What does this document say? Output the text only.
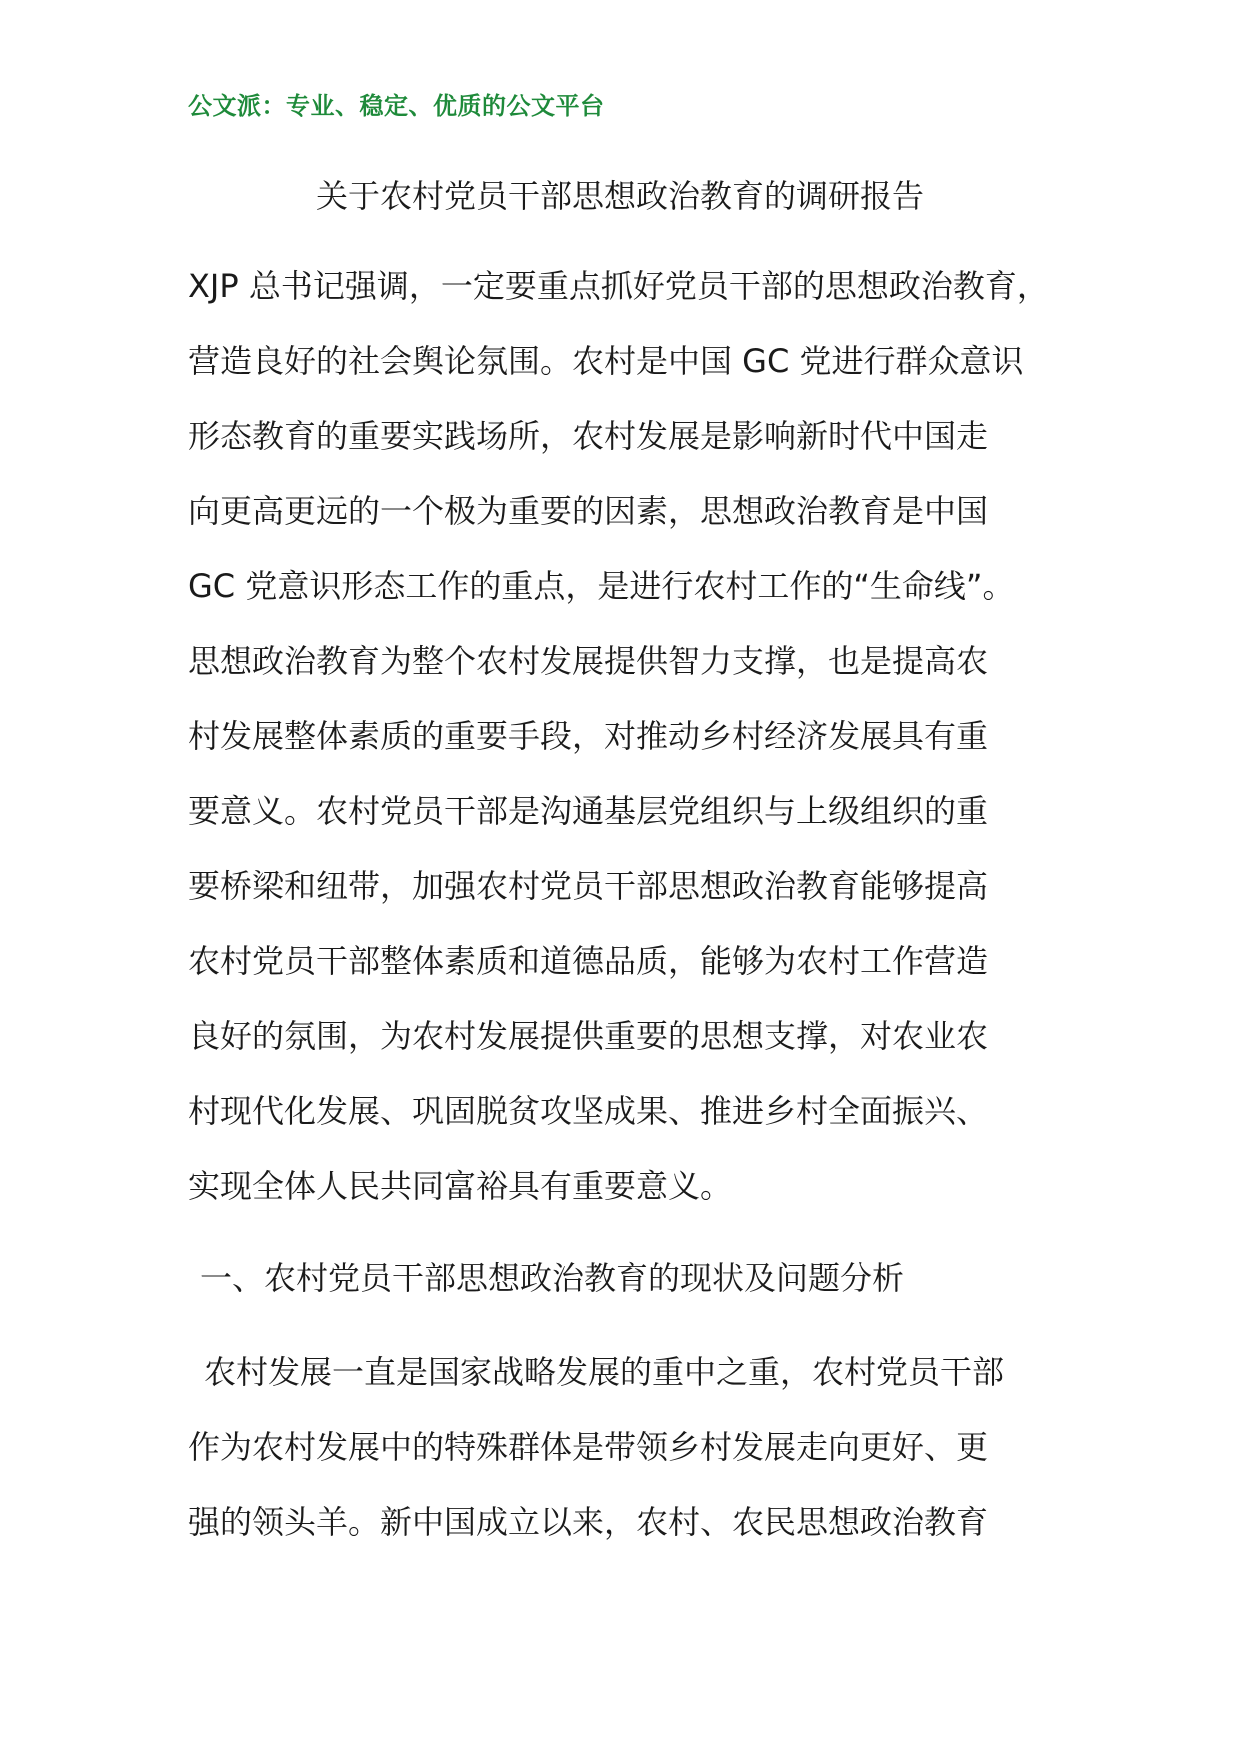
公文派：专业、稳定、优质的公文平台
关于农村党员干部思想政治教育的调研报告
XJP 总书记强调，一定要重点抓好党员干部的思想政治教育，
营造良好的社会舆论氛围。农村是中国 GC 党进行群众意识
形态教育的重要实践场所，农村发展是影响新时代中国走
向更高更远的一个极为重要的因素，思想政治教育是中国
GC 党意识形态工作的重点，是进行农村工作的“生命线”。
思想政治教育为整个农村发展提供智力支撑，也是提高农
村发展整体素质的重要手段，对推动乡村经济发展具有重
要意义。农村党员干部是沟通基层党组织与上级组织的重
要桥梁和纽带，加强农村党员干部思想政治教育能够提高
农村党员干部整体素质和道德品质，能够为农村工作营造
良好的氛围，为农村发展提供重要的思想支撑，对农业农
村现代化发展、巩固脱贫攻坚成果、推进乡村全面振兴、
实现全体人民共同富裕具有重要意义。
一、农村党员干部思想政治教育的现状及问题分析
农村发展一直是国家战略发展的重中之重，农村党员干部
作为农村发展中的特殊群体是带领乡村发展走向更好、更
强的领头羊。新中国成立以来，农村、农民思想政治教育
